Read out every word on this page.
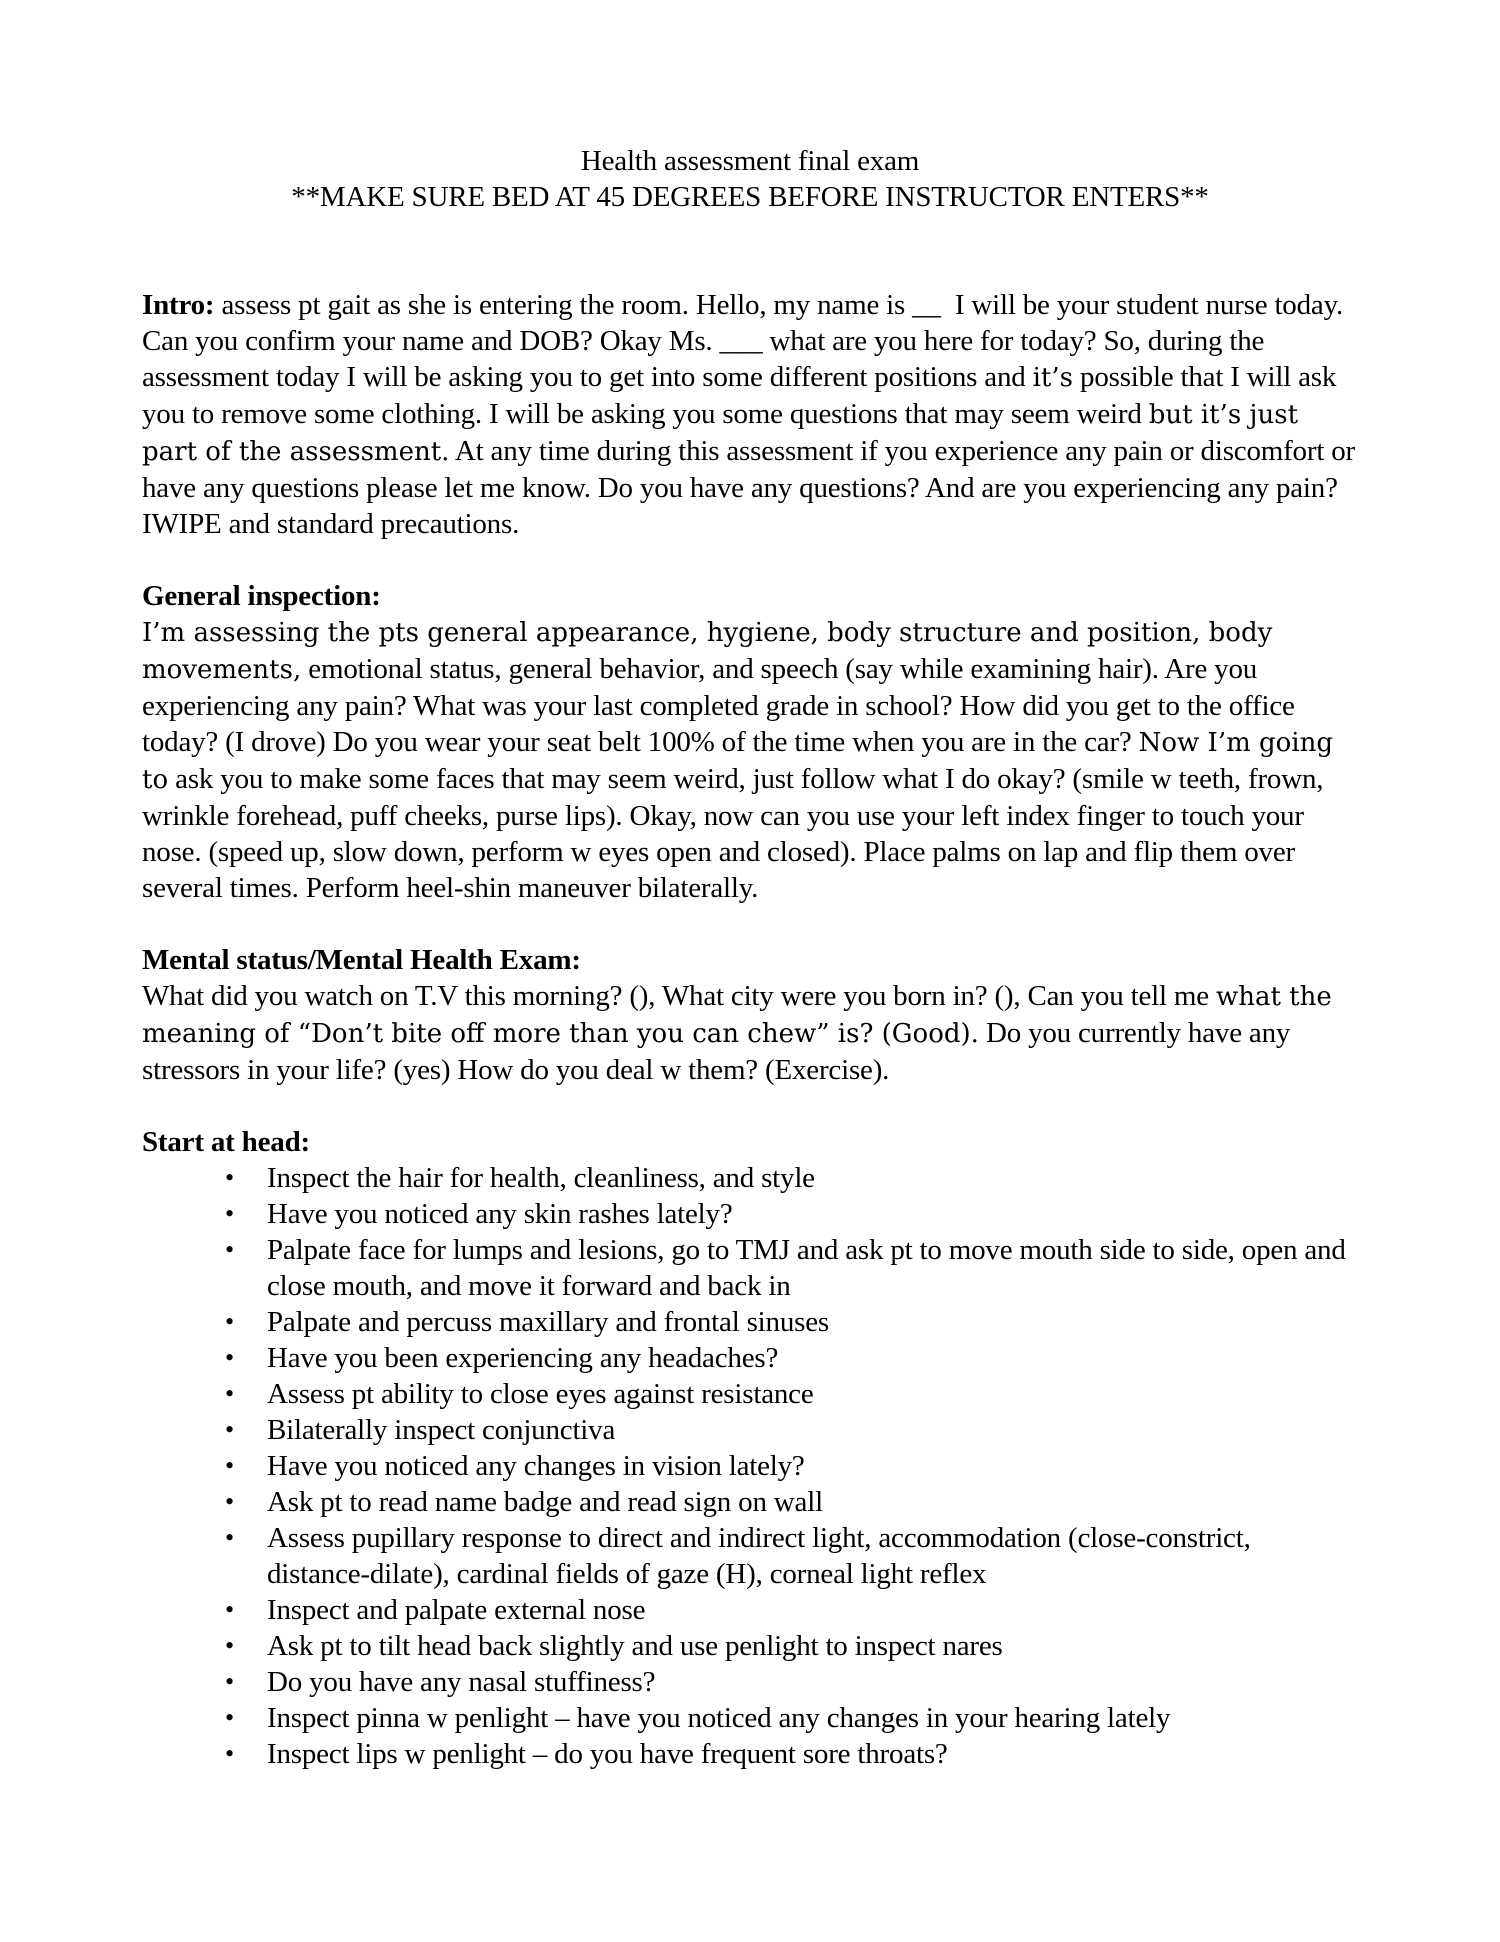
Health assessment final exam
**MAKE SURE BED AT 45 DEGREES BEFORE INSTRUCTOR ENTERS**
Intro: assess pt gait as she is entering the room. Hello, my name is __  I will be your student nurse today. Can you confirm your name and DOB? Okay Ms. ___ what are you here for today? So, during the assessment today I will be asking you to get into some different positions and it’s possible that I will ask you to remove some clothing. I will be asking you some questions that may seem weird but it’s just part of the assessment. At any time during this assessment if you experience any pain or discomfort or have any questions please let me know. Do you have any questions? And are you experiencing any pain?  IWIPE and standard precautions.
General inspection:
I’m assessing the pts general appearance, hygiene, body structure and position, body movements, emotional status, general behavior, and speech (say while examining hair). Are you experiencing any pain? What was your last completed grade in school? How did you get to the office today? (I drove) Do you wear your seat belt 100% of the time when you are in the car? Now I’m going to ask you to make some faces that may seem weird, just follow what I do okay? (smile w teeth, frown, wrinkle forehead, puff cheeks, purse lips). Okay, now can you use your left index finger to touch your nose. (speed up, slow down, perform w eyes open and closed). Place palms on lap and flip them over several times. Perform heel-shin maneuver bilaterally.
Mental status/Mental Health Exam:
What did you watch on T.V this morning? (), What city were you born in? (), Can you tell me what the meaning of “Don’t bite off more than you can chew” is? (Good). Do you currently have any stressors in your life? (yes) How do you deal w them? (Exercise).
Start at head:
•	Inspect the hair for health, cleanliness, and style
•	Have you noticed any skin rashes lately?
•	Palpate face for lumps and lesions, go to TMJ and ask pt to move mouth side to side, open and close mouth, and move it forward and back in
•	Palpate and percuss maxillary and frontal sinuses
•	Have you been experiencing any headaches?
•	Assess pt ability to close eyes against resistance
•	Bilaterally inspect conjunctiva
•	Have you noticed any changes in vision lately?
•	Ask pt to read name badge and read sign on wall
•	Assess pupillary response to direct and indirect light, accommodation (close-constrict, distance-dilate), cardinal fields of gaze (H), corneal light reflex
•	Inspect and palpate external nose
•	Ask pt to tilt head back slightly and use penlight to inspect nares
•	Do you have any nasal stuffiness?
•	Inspect pinna w penlight – have you noticed any changes in your hearing lately
•	Inspect lips w penlight – do you have frequent sore throats?
